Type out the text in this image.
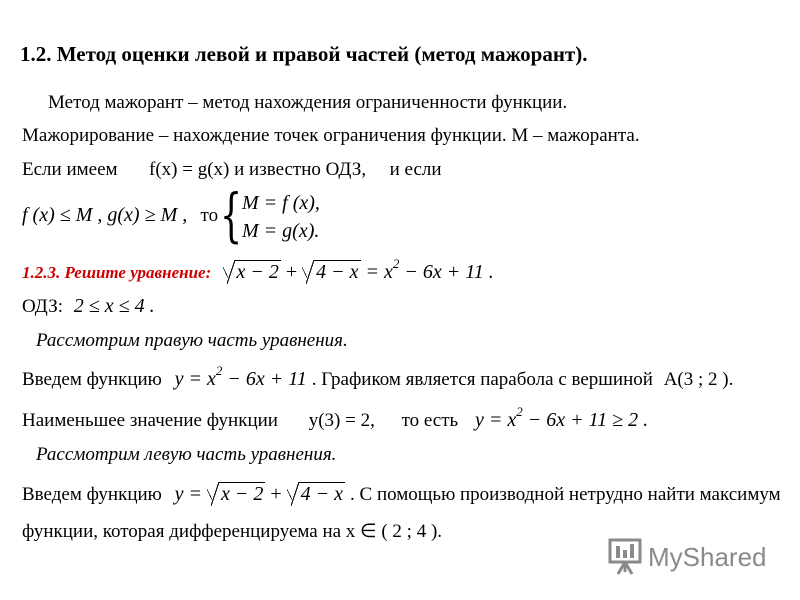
1.2. Метод оценки левой и правой частей (метод мажорант).
Метод мажорант – метод нахождения ограниченности функции.
Мажорирование – нахождение точек ограничения функции. М – мажоранта.
Если имеем f(x) = g(x) и известно ОДЗ, и если
f (x) ≤ M , g(x) ≥ M , то { M = f (x),
M = g(x).
1.2.3. Решите уравнение: $x - 2 + 4 - x = x^2 - 6x + 11$ .
ОДЗ: 2 ≤ x ≤ 4 .
Рассмотрим правую часть уравнения.
Введем функцию $y = x^2 - 6x + 11$ . Графиком является парабола с вершиной A(3 ; 2 ).
Наименьшее значение функции y(3) = 2, то есть $y = x^2 - 6x + 11 \ge 2$ .
Рассмотрим левую часть уравнения.
Введем функцию y = x − 2 + 4 − x . С помощью производной нетрудно найти максимум
функции, которая дифференцируема на х ∈ ( 2 ; 4 ).
MyShared
